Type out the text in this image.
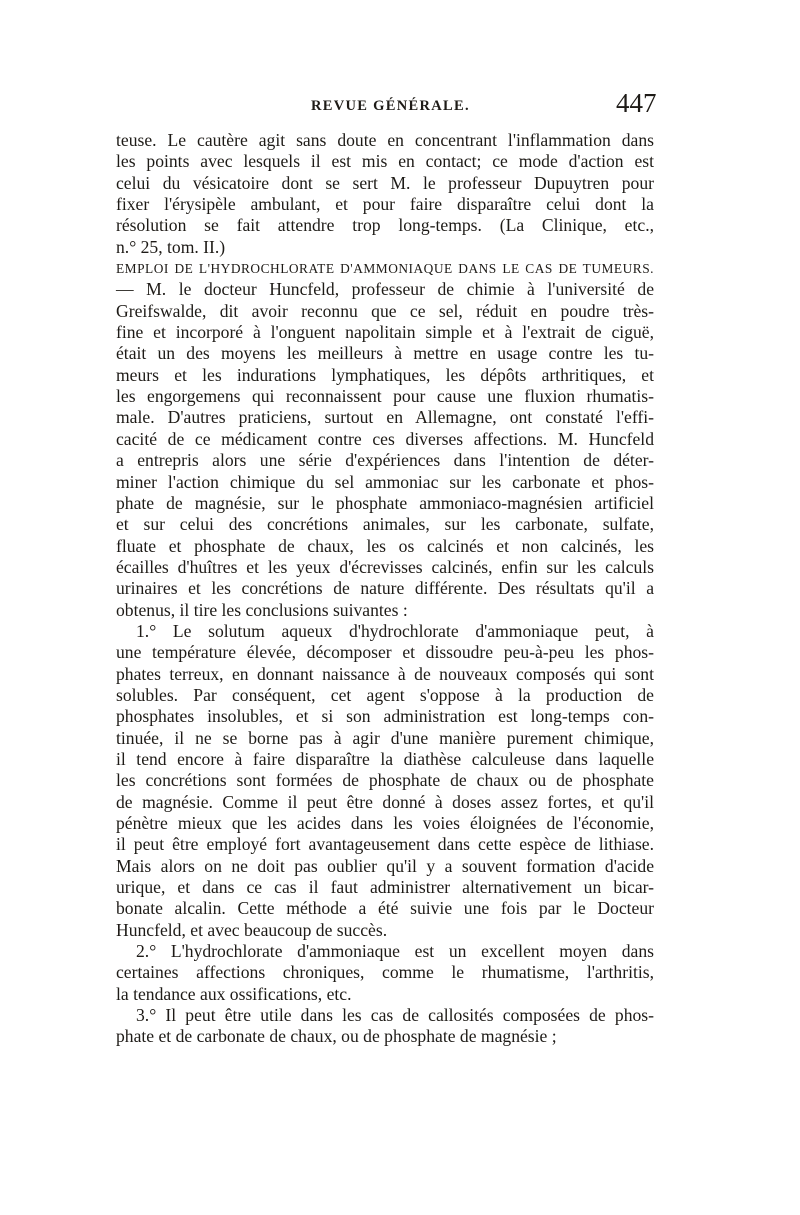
REVUE GÉNÉRALE.	447
teuse. Le cautère agit sans doute en concentrant l'inflammation dans
les points avec lesquels il est mis en contact; ce mode d'action est
celui du vésicatoire dont se sert M. le professeur Dupuytren pour
fixer l'érysipèle ambulant, et pour faire disparaître celui dont la
résolution se fait attendre trop long-temps. (La Clinique, etc.,
n.° 25, tom. II.)
EMPLOI DE L'HYDROCHLORATE D'AMMONIAQUE DANS LE CAS DE TUMEURS.
— M. le docteur Huncfeld, professeur de chimie à l'université de
Greifswalde, dit avoir reconnu que ce sel, réduit en poudre très-
fine et incorporé à l'onguent napolitain simple et à l'extrait de ciguë,
était un des moyens les meilleurs à mettre en usage contre les tu-
meurs et les indurations lymphatiques, les dépôts arthritiques, et
les engorgemens qui reconnaissent pour cause une fluxion rhumatis-
male. D'autres praticiens, surtout en Allemagne, ont constaté l'effi-
cacité de ce médicament contre ces diverses affections. M. Huncfeld
a entrepris alors une série d'expériences dans l'intention de déter-
miner l'action chimique du sel ammoniac sur les carbonate et phos-
phate de magnésie, sur le phosphate ammoniaco-magnésien artificiel
et sur celui des concrétions animales, sur les carbonate, sulfate,
fluate et phosphate de chaux, les os calcinés et non calcinés, les
écailles d'huîtres et les yeux d'écrevisses calcinés, enfin sur les calculs
urinaires et les concrétions de nature différente. Des résultats qu'il a
obtenus, il tire les conclusions suivantes :
1.° Le solutum aqueux d'hydrochlorate d'ammoniaque peut, à
une température élevée, décomposer et dissoudre peu-à-peu les phos-
phates terreux, en donnant naissance à de nouveaux composés qui sont
solubles. Par conséquent, cet agent s'oppose à la production de
phosphates insolubles, et si son administration est long-temps con-
tinuée, il ne se borne pas à agir d'une manière purement chimique,
il tend encore à faire disparaître la diathèse calculeuse dans laquelle
les concrétions sont formées de phosphate de chaux ou de phosphate
de magnésie. Comme il peut être donné à doses assez fortes, et qu'il
pénètre mieux que les acides dans les voies éloignées de l'économie,
il peut être employé fort avantageusement dans cette espèce de lithiase.
Mais alors on ne doit pas oublier qu'il y a souvent formation d'acide
urique, et dans ce cas il faut administrer alternativement un bicar-
bonate alcalin. Cette méthode a été suivie une fois par le Docteur
Huncfeld, et avec beaucoup de succès.
2.° L'hydrochlorate d'ammoniaque est un excellent moyen dans
certaines affections chroniques, comme le rhumatisme, l'arthritis,
la tendance aux ossifications, etc.
3.° Il peut être utile dans les cas de callosités composées de phos-
phate et de carbonate de chaux, ou de phosphate de magnésie ;
